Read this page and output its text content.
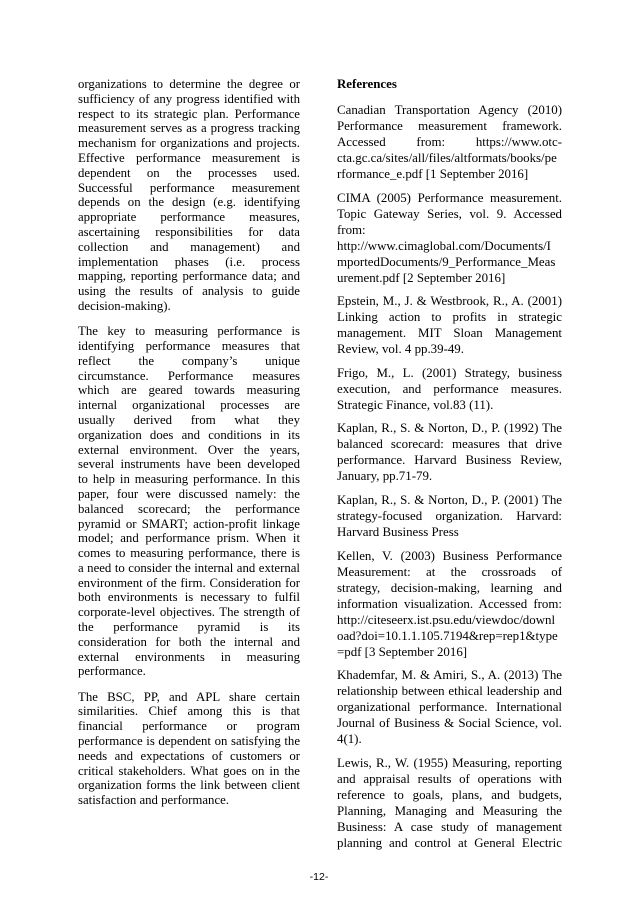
organizations to determine the degree or
sufficiency of any progress identified with
respect to its strategic plan. Performance
measurement serves as a progress tracking
mechanism for organizations and projects.
Effective performance measurement is
dependent on the processes used.
Successful performance measurement
depends on the design (e.g. identifying
appropriate performance measures,
ascertaining responsibilities for data
collection and management) and
implementation phases (i.e. process
mapping, reporting performance data; and
using the results of analysis to guide
decision-making).
The key to measuring performance is
identifying performance measures that
reflect the company’s unique
circumstance. Performance measures
which are geared towards measuring
internal organizational processes are
usually derived from what they
organization does and conditions in its
external environment. Over the years,
several instruments have been developed
to help in measuring performance. In this
paper, four were discussed namely: the
balanced scorecard; the performance
pyramid or SMART; action-profit linkage
model; and performance prism. When it
comes to measuring performance, there is
a need to consider the internal and external
environment of the firm. Consideration for
both environments is necessary to fulfil
corporate-level objectives. The strength of
the performance pyramid is its
consideration for both the internal and
external environments in measuring
performance.
The BSC, PP, and APL share certain
similarities. Chief among this is that
financial performance or program
performance is dependent on satisfying the
needs and expectations of customers or
critical stakeholders. What goes on in the
organization forms the link between client
satisfaction and performance.
References
Canadian Transportation Agency (2010)
Performance measurement framework.
Accessed from: https://www.otc-
cta.gc.ca/sites/all/files/altformats/books/pe
rformance_e.pdf [1 September 2016]
CIMA (2005) Performance measurement.
Topic Gateway Series, vol. 9. Accessed
from:
http://www.cimaglobal.com/Documents/I
mportedDocuments/9_Performance_Meas
urement.pdf [2 September 2016]
Epstein, M., J. & Westbrook, R., A. (2001)
Linking action to profits in strategic
management. MIT Sloan Management
Review, vol. 4 pp.39-49.
Frigo, M., L. (2001) Strategy, business
execution, and performance measures.
Strategic Finance, vol.83 (11).
Kaplan, R., S. & Norton, D., P. (1992) The
balanced scorecard: measures that drive
performance. Harvard Business Review,
January, pp.71-79.
Kaplan, R., S. & Norton, D., P. (2001) The
strategy-focused organization. Harvard:
Harvard Business Press
Kellen, V. (2003) Business Performance
Measurement: at the crossroads of
strategy, decision-making, learning and
information visualization. Accessed from:
http://citeseerx.ist.psu.edu/viewdoc/downl
oad?doi=10.1.1.105.7194&rep=rep1&type
=pdf [3 September 2016]
Khademfar, M. & Amiri, S., A. (2013) The
relationship between ethical leadership and
organizational performance. International
Journal of Business & Social Science, vol.
4(1).
Lewis, R., W. (1955) Measuring, reporting
and appraisal results of operations with
reference to goals, plans, and budgets,
Planning, Managing and Measuring the
Business: A case study of management
planning and control at General Electric
-12-
